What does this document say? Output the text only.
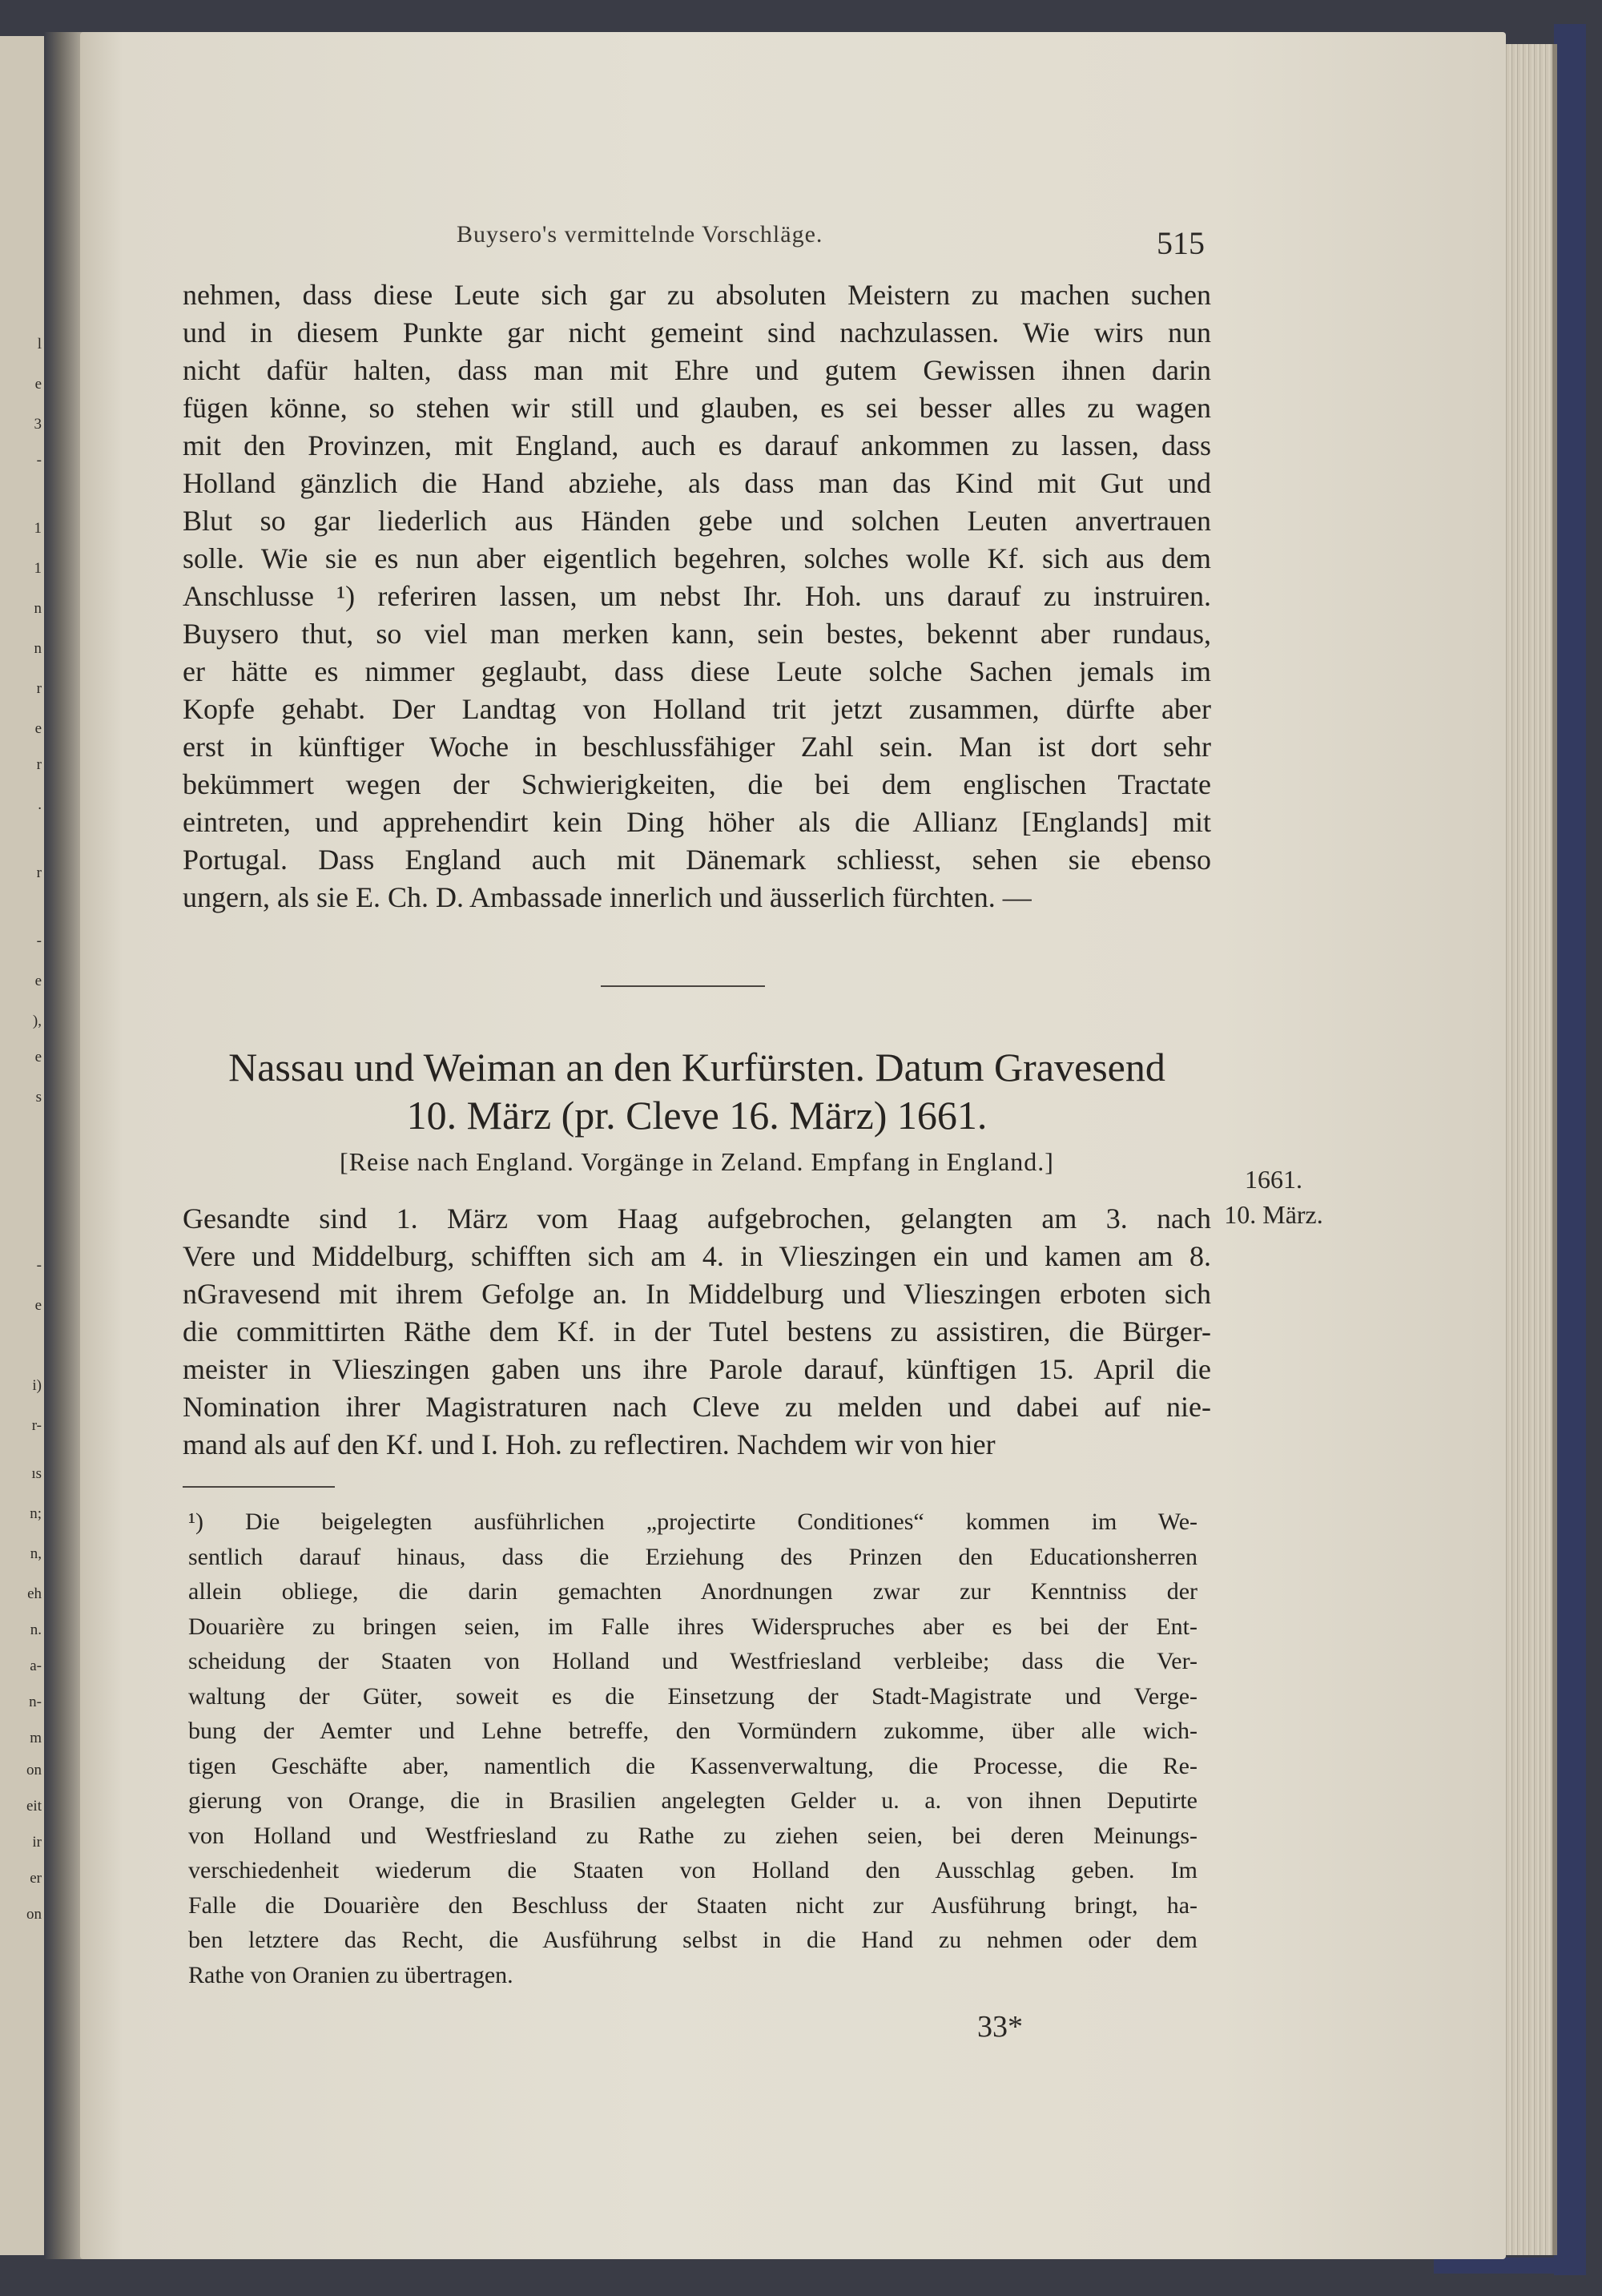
l
e
3
-
1
1
n
n
r
e
r
.
r
-
e
),
e
s
-
e
i)
r-
ıs
n;
n,
eh
n.
a-
n-
m
on
eit
ir
er
on
Buysero's vermittelnde Vorschläge.	515
nehmen, dass diese Leute sich gar zu absoluten Meistern zu machen suchen
und in diesem Punkte gar nicht gemeint sind nachzulassen. Wie wirs nun
nicht dafür halten, dass man mit Ehre und gutem Gewissen ihnen darin
fügen könne, so stehen wir still und glauben, es sei besser alles zu wagen
mit den Provinzen, mit England, auch es darauf ankommen zu lassen, dass
Holland gänzlich die Hand abziehe, als dass man das Kind mit Gut und
Blut so gar liederlich aus Händen gebe und solchen Leuten anvertrauen
solle. Wie sie es nun aber eigentlich begehren, solches wolle Kf. sich aus dem
Anschlusse ¹) referiren lassen, um nebst Ihr. Hoh. uns darauf zu instruiren.
Buysero thut, so viel man merken kann, sein bestes, bekennt aber rundaus,
er hätte es nimmer geglaubt, dass diese Leute solche Sachen jemals im
Kopfe gehabt. Der Landtag von Holland trit jetzt zusammen, dürfte aber
erst in künftiger Woche in beschlussfähiger Zahl sein. Man ist dort sehr
bekümmert wegen der Schwierigkeiten, die bei dem englischen Tractate
eintreten, und apprehendirt kein Ding höher als die Allianz [Englands] mit
Portugal. Dass England auch mit Dänemark schliesst, sehen sie ebenso
ungern, als sie E. Ch. D. Ambassade innerlich und äusserlich fürchten. —
Nassau und Weiman an den Kurfürsten. Datum Gravesend
10. März (pr. Cleve 16. März) 1661.
[Reise nach England. Vorgänge in Zeland. Empfang in England.]
1661.
10. März.
Gesandte sind 1. März vom Haag aufgebrochen, gelangten am 3. nach
Vere und Middelburg, schifften sich am 4. in Vlieszingen ein und kamen am 8.
nGravesend mit ihrem Gefolge an. In Middelburg und Vlieszingen erboten sich
die committirten Räthe dem Kf. in der Tutel bestens zu assistiren, die Bürger-
meister in Vlieszingen gaben uns ihre Parole darauf, künftigen 15. April die
Nomination ihrer Magistraturen nach Cleve zu melden und dabei auf nie-
mand als auf den Kf. und I. Hoh. zu reflectiren. Nachdem wir von hier
¹) Die beigelegten ausführlichen „projectirte Conditiones“ kommen im We-
sentlich darauf hinaus, dass die Erziehung des Prinzen den Educationsherren
allein obliege, die darin gemachten Anordnungen zwar zur Kenntniss der
Douarière zu bringen seien, im Falle ihres Widerspruches aber es bei der Ent-
scheidung der Staaten von Holland und Westfriesland verbleibe; dass die Ver-
waltung der Güter, soweit es die Einsetzung der Stadt-Magistrate und Verge-
bung der Aemter und Lehne betreffe, den Vormündern zukomme, über alle wich-
tigen Geschäfte aber, namentlich die Kassenverwaltung, die Processe, die Re-
gierung von Orange, die in Brasilien angelegten Gelder u. a. von ihnen Deputirte
von Holland und Westfriesland zu Rathe zu ziehen seien, bei deren Meinungs-
verschiedenheit wiederum die Staaten von Holland den Ausschlag geben. Im
Falle die Douarière den Beschluss der Staaten nicht zur Ausführung bringt, ha-
ben letztere das Recht, die Ausführung selbst in die Hand zu nehmen oder dem
Rathe von Oranien zu übertragen.
33*
